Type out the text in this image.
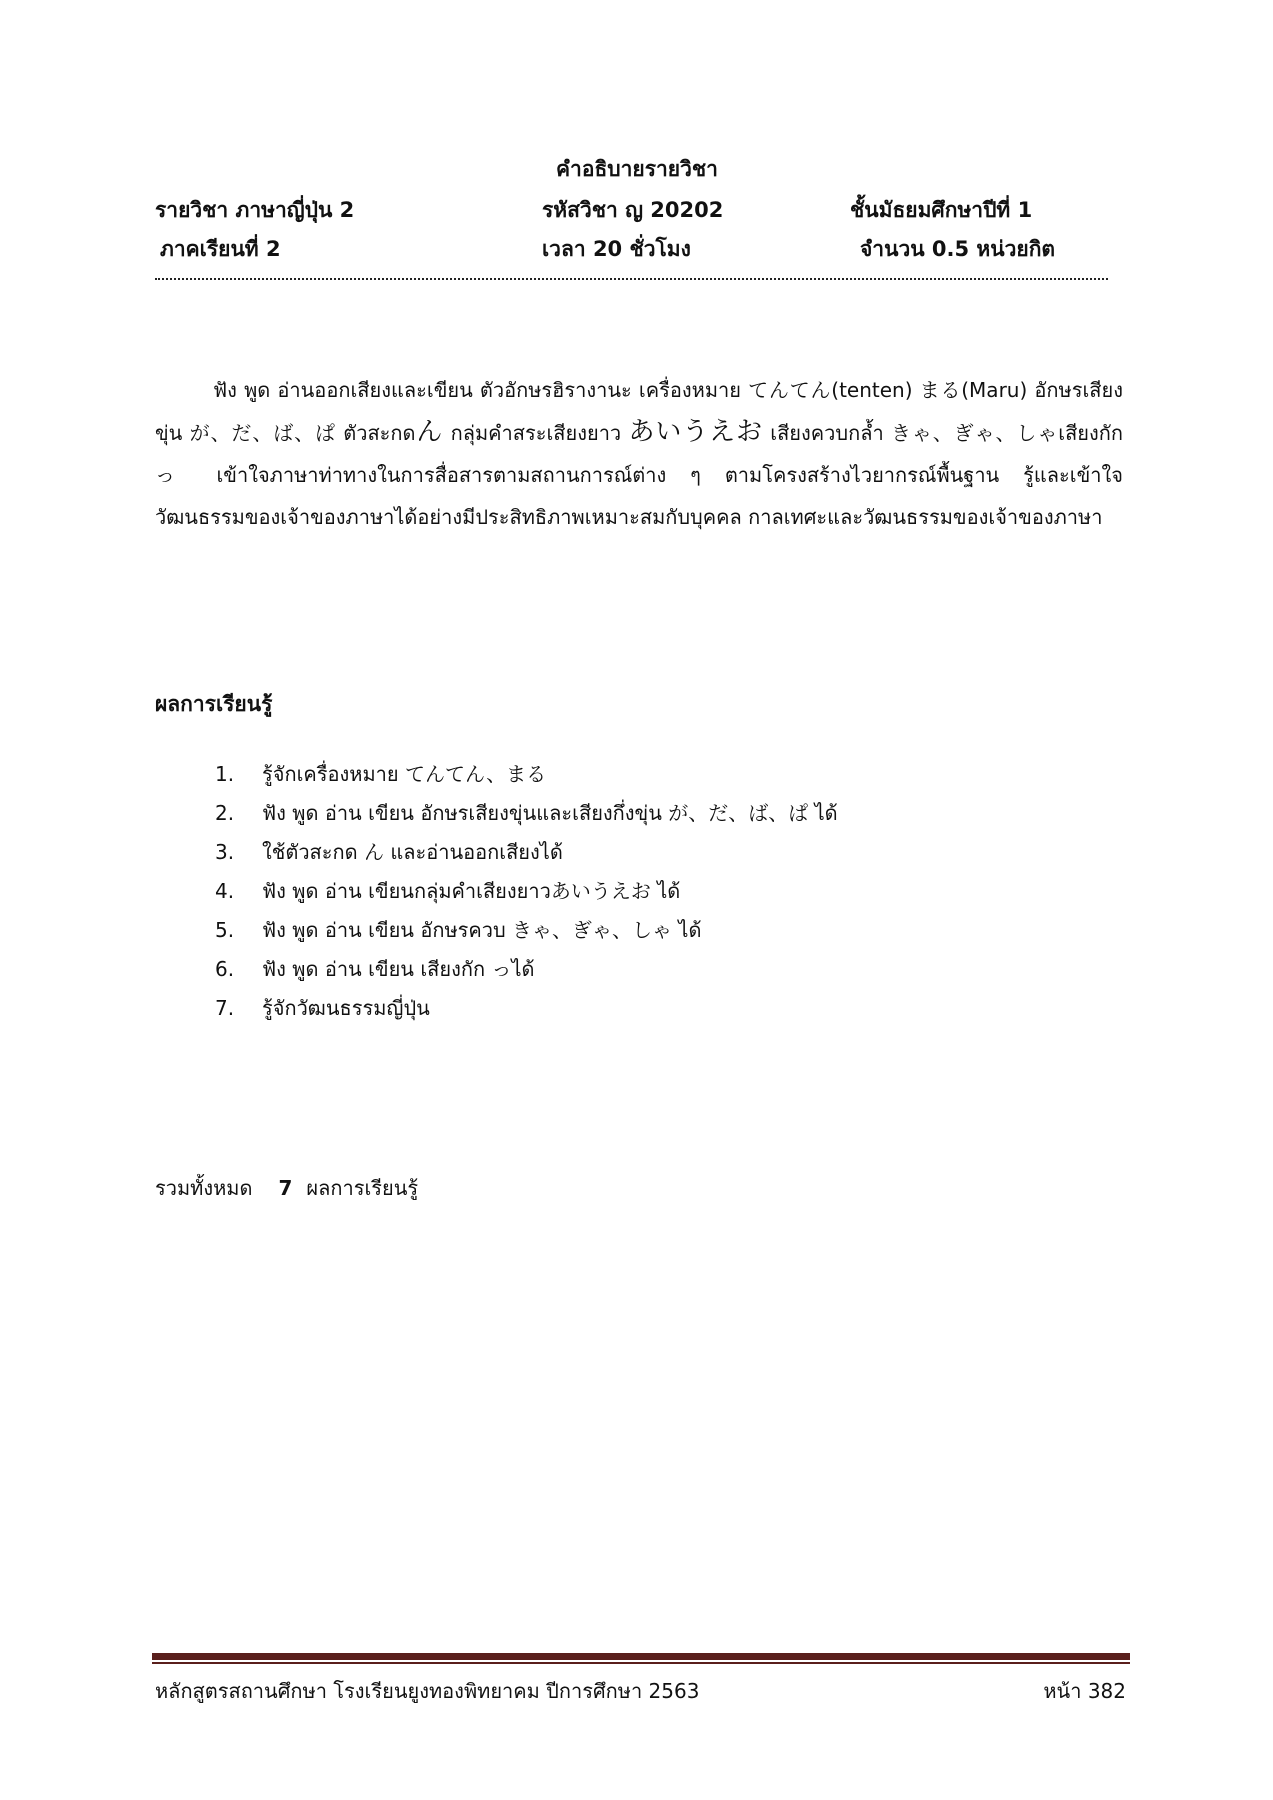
คำอธิบายรายวิชา
รายวิชา ภาษาญี่ปุ่น 2	รหัสวิชา ญ 20202	ชั้นมัธยมศึกษาปีที่ 1
ภาคเรียนที่ 2	เวลา 20 ชั่วโมง	จำนวน 0.5 หน่วยกิต
ฟัง พูด อ่านออกเสียงและเขียน ตัวอักษรฮิรางานะ เครื่องหมาย てんてん(tenten) まる(Maru) อักษรเสียงขุ่น が、だ、ば、ぱ ตัวสะกดん กลุ่มคำสระเสียงยาว あいうえお เสียงควบกล้ำ きゃ、ぎゃ、しゃเสียงกัก っ เข้าใจภาษาท่าทางในการสื่อสารตามสถานการณ์ต่าง ๆ ตามโครงสร้างไวยากรณ์พื้นฐาน รู้และเข้าใจวัฒนธรรมของเจ้าของภาษาได้อย่างมีประสิทธิภาพเหมาะสมกับบุคคล กาลเทศะและวัฒนธรรมของเจ้าของภาษา
ผลการเรียนรู้
1. รู้จักเครื่องหมาย てんてん、まる
2. ฟัง พูด อ่าน เขียน อักษรเสียงขุ่นและเสียงกึ่งขุ่น が、だ、ば、ぱ ได้
3. ใช้ตัวสะกด ん และอ่านออกเสียงได้
4. ฟัง พูด อ่าน เขียนกลุ่มคำเสียงยาวあいうえお ได้
5. ฟัง พูด อ่าน เขียน อักษรควบ きゃ、ぎゃ、しゃ ได้
6. ฟัง พูด อ่าน เขียน เสียงกัก っได้
7. รู้จักวัฒนธรรมญี่ปุ่น
รวมทั้งหมด 7 ผลการเรียนรู้
หลักสูตรสถานศึกษา โรงเรียนยูงทองพิทยาคม ปีการศึกษา 2563	หน้า 382
